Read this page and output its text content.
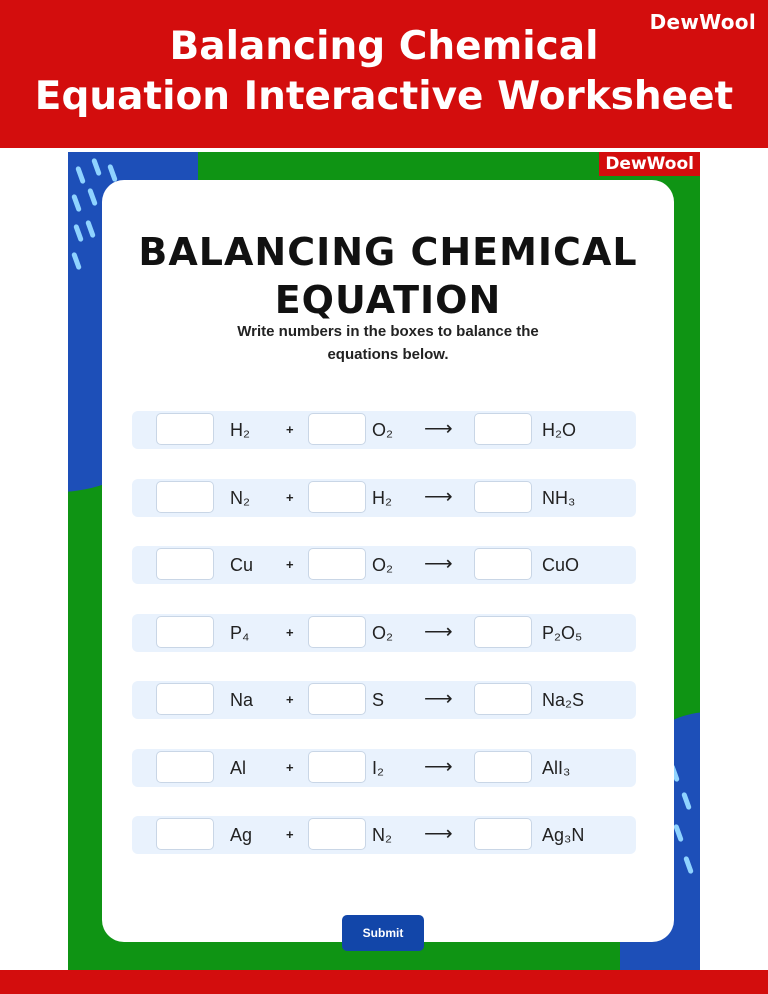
DewWool
Balancing Chemical
Equation Interactive Worksheet
DewWool
BALANCING CHEMICAL
EQUATION
Write numbers in the boxes to balance the
equations below.
H₂	+	O₂ ⟶	H₂O
N₂	+	H₂ ⟶	NH₃
Cu	+	O₂ ⟶	CuO
P₄	+	O₂ ⟶	P₂O₅
Na	+	S ⟶	Na₂S
Al	+	I₂ ⟶	AlI₃
Ag	+	N₂ ⟶	Ag₃N
Submit
